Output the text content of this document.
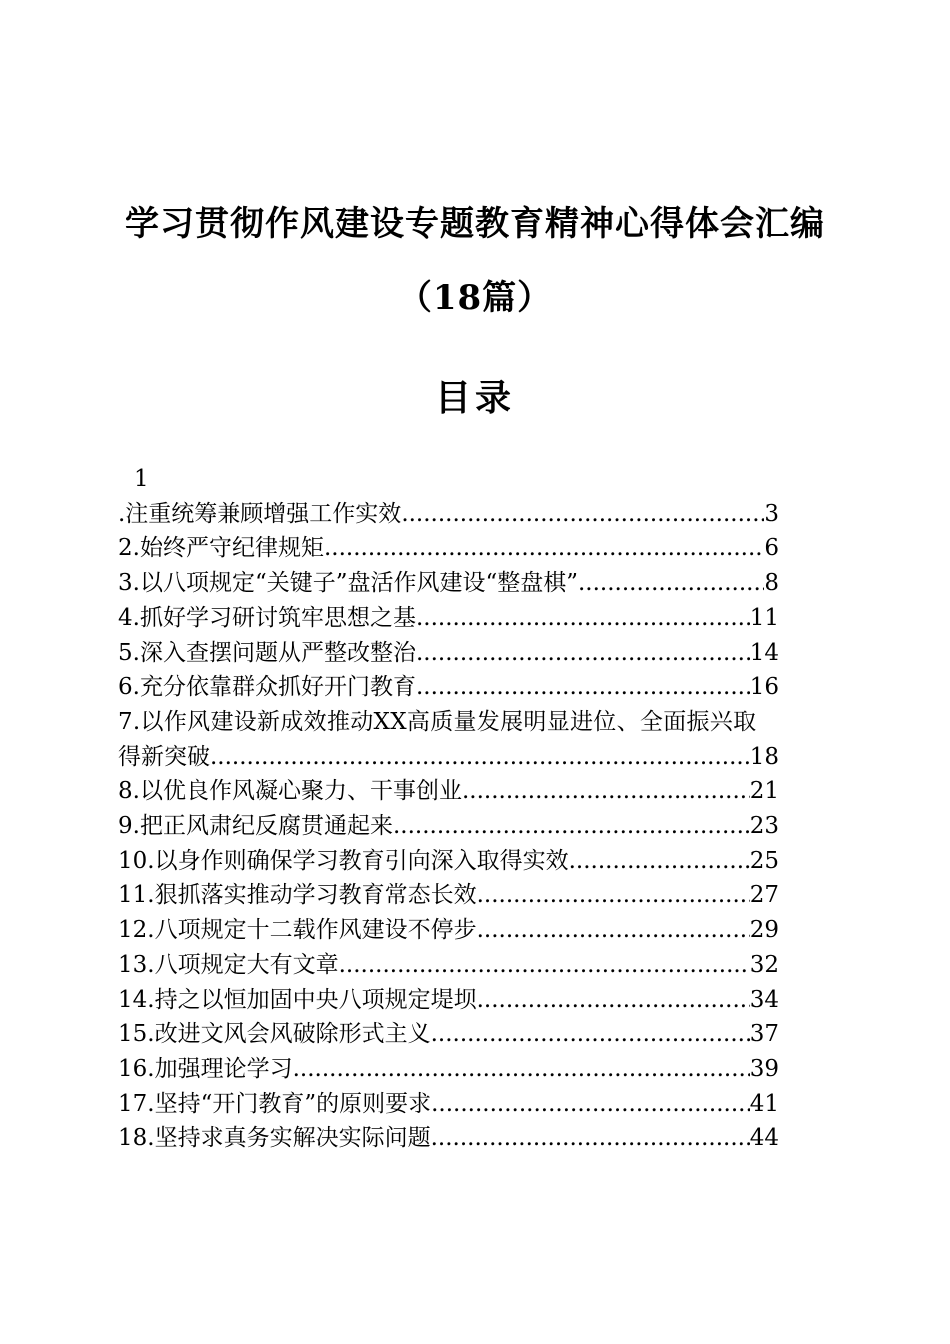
学习贯彻作风建设专题教育精神心得体会汇编
（18篇）
目录
1
.注重统筹兼顾增强工作实效 .....	3
2.始终严守纪律规矩 .....	6
3.以八项规定“关键子”盘活作风建设“整盘棋” .....	8
4.抓好学习研讨筑牢思想之基 .....	11
5.深入查摆问题从严整改整治 .....	14
6.充分依靠群众抓好开门教育 .....	16
7.以作风建设新成效推动XX高质量发展明显进位、全面振兴取
得新突破 .....	18
8.以优良作风凝心聚力、干事创业 .....	21
9.把正风肃纪反腐贯通起来 .....	23
10.以身作则确保学习教育引向深入取得实效 .....	25
11.狠抓落实推动学习教育常态长效 .....	27
12.八项规定十二载作风建设不停步 .....	29
13.八项规定大有文章 .....	32
14.持之以恒加固中央八项规定堤坝 .....	34
15.改进文风会风破除形式主义 .....	37
16.加强理论学习 .....	39
17.坚持“开门教育”的原则要求 .....	41
18.坚持求真务实解决实际问题 .....	44
